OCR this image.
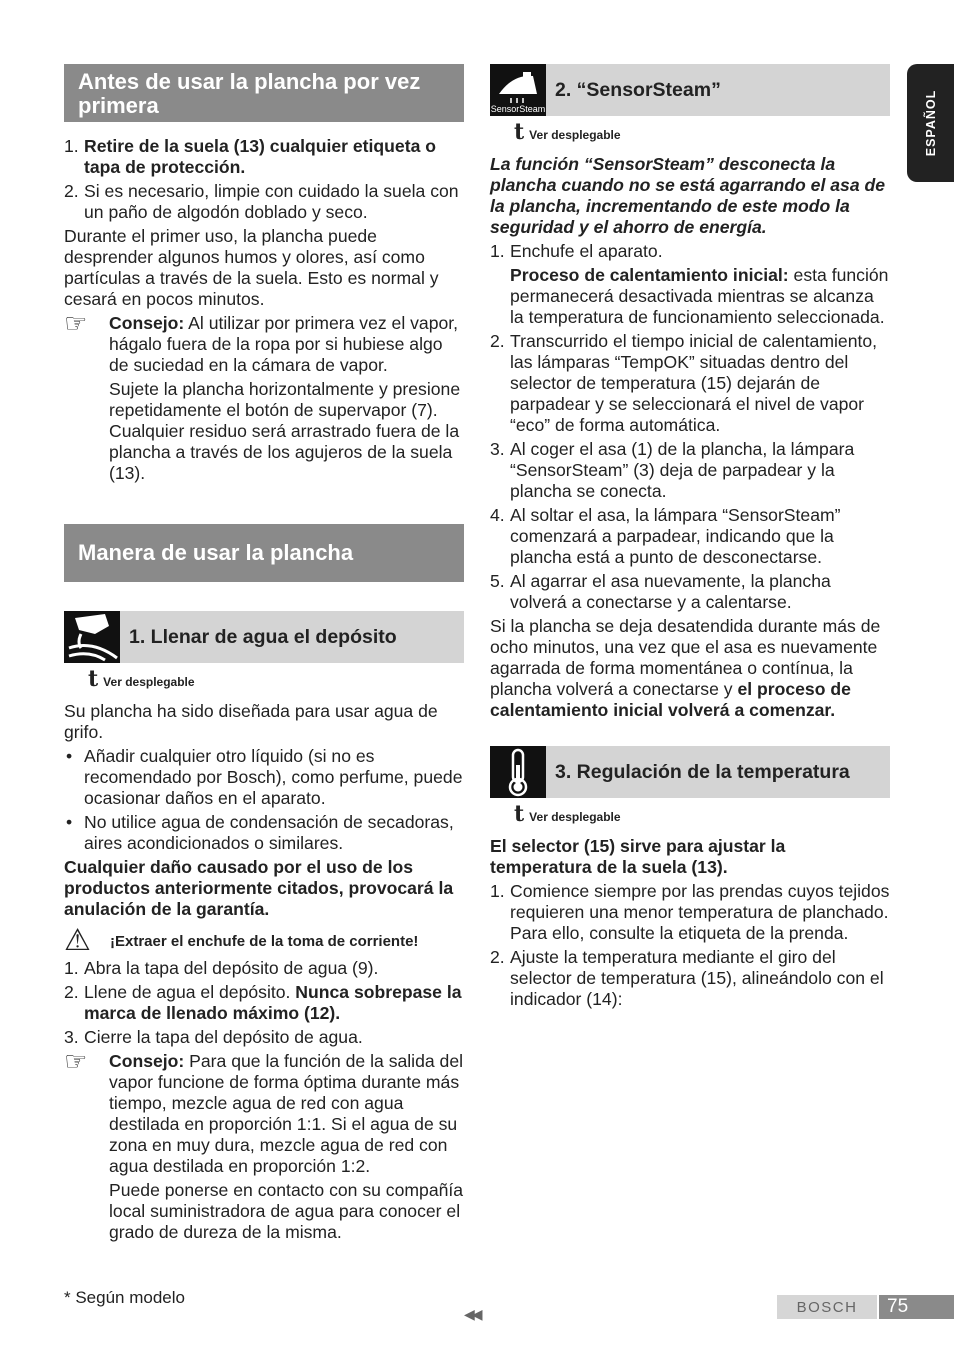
ESPAÑOL
Antes de usar la plancha por vez primera
1. Retire de la suela (13) cualquier etiqueta o tapa de protección.
2. Si es necesario, limpie con cuidado la suela con un paño de algodón doblado y seco.

Durante el primer uso, la plancha puede desprender algunos humos y olores, así como partículas a través de la suela. Esto es normal y cesará en pocos minutos.

☞	Consejo: Al utilizar por primera vez el vapor, hágalo fuera de la ropa por si hubiese algo de suciedad en la cámara de vapor.

Sujete la plancha horizontalmente y presione repetidamente el botón de supervapor (7). Cualquier residuo será arrastrado fuera de la plancha a través de los agujeros de la suela (13).

Manera de usar la plancha
1. Llenar de agua el depósito
t Ver desplegable

Su plancha ha sido diseñada para usar agua de grifo.

• Añadir cualquier otro líquido (si no es recomendado por Bosch), como perfume, puede ocasionar daños en el aparato.
• No utilice agua de condensación de secadoras, aires acondicionados o similares.

Cualquier daño causado por el uso de los productos anteriormente citados, provocará la anulación de la garantía.

⚠	¡Extraer el enchufe de la toma de corriente!
1. Abra la tapa del depósito de agua (9).
2. Llene de agua el depósito. Nunca sobrepase la marca de llenado máximo (12).
3. Cierre la tapa del depósito de agua.
☞	Consejo: Para que la función de la salida del vapor funcione de forma óptima durante más tiempo, mezcle agua de red con agua destilada en proporción 1:1. Si el agua de su zona en muy dura, mezcle agua de red con agua destilada en proporción 1:2.

Puede ponerse en contacto con su compañía local suministradora de agua para conocer el grado de dureza de la misma.

SensorSteam
2. “SensorSteam”
t Ver desplegable

La función “SensorSteam” desconecta la plancha cuando no se está agarrando el asa de la plancha, incrementando de este modo la seguridad y el ahorro de energía.

1. Enchufe el aparato.

Proceso de calentamiento inicial: esta función permanecerá desactivada mientras se alcanza la temperatura de funcionamiento seleccionada.

2. Transcurrido el tiempo inicial de calentamiento, las lámparas “TempOK” situadas dentro del selector de temperatura (15) dejarán de parpadear y se seleccionará el nivel de vapor “eco” de forma automática.
3. Al coger el asa (1) de la plancha, la lámpara “SensorSteam” (3) deja de parpadear y la plancha se conecta.
4. Al soltar el asa, la lámpara “SensorSteam” comenzará a parpadear, indicando que la plancha está a punto de desconectarse.
5. Al agarrar el asa nuevamente, la plancha volverá a conectarse y a calentarse.

Si la plancha se deja desatendida durante más de ocho minutos, una vez que el asa es nuevamente agarrada de forma momentánea o contínua, la plancha volverá a conectarse y el proceso de calentamiento inicial volverá a comenzar.

3. Regulación de la temperatura
t Ver desplegable

El selector (15) sirve para ajustar la temperatura de la suela (13).

1. Comience siempre por las prendas cuyos tejidos requieren una menor temperatura de planchado. Para ello, consulte la etiqueta de la prenda.
2. Ajuste la temperatura mediante el giro del selector de temperatura (15), alineándolo con el indicador (14):
* Según modelo
◀◀	BOSCH	75
